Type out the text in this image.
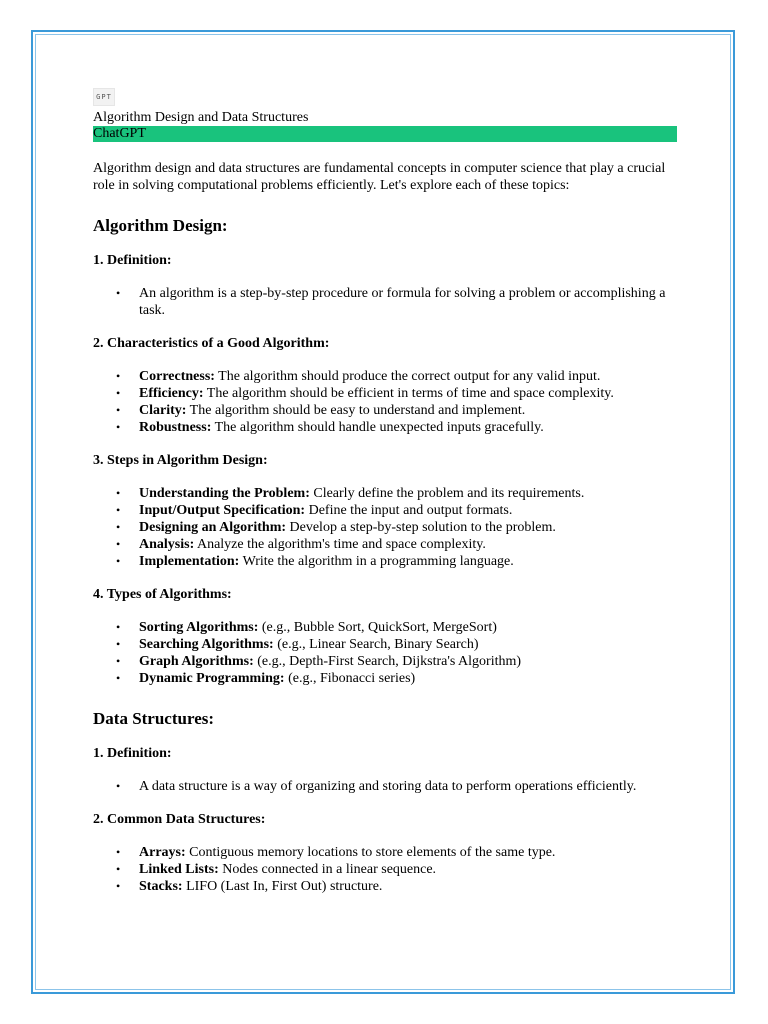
GPT
Algorithm Design and Data Structures
ChatGPT
Algorithm design and data structures are fundamental concepts in computer science that play a crucial role in solving computational problems efficiently. Let's explore each of these topics:
Algorithm Design:
1. Definition:
• An algorithm is a step-by-step procedure or formula for solving a problem or accomplishing a task.
2. Characteristics of a Good Algorithm:
• Correctness: The algorithm should produce the correct output for any valid input.
• Efficiency: The algorithm should be efficient in terms of time and space complexity.
• Clarity: The algorithm should be easy to understand and implement.
• Robustness: The algorithm should handle unexpected inputs gracefully.
3. Steps in Algorithm Design:
• Understanding the Problem: Clearly define the problem and its requirements.
• Input/Output Specification: Define the input and output formats.
• Designing an Algorithm: Develop a step-by-step solution to the problem.
• Analysis: Analyze the algorithm's time and space complexity.
• Implementation: Write the algorithm in a programming language.
4. Types of Algorithms:
• Sorting Algorithms: (e.g., Bubble Sort, QuickSort, MergeSort)
• Searching Algorithms: (e.g., Linear Search, Binary Search)
• Graph Algorithms: (e.g., Depth-First Search, Dijkstra's Algorithm)
• Dynamic Programming: (e.g., Fibonacci series)
Data Structures:
1. Definition:
• A data structure is a way of organizing and storing data to perform operations efficiently.
2. Common Data Structures:
• Arrays: Contiguous memory locations to store elements of the same type.
• Linked Lists: Nodes connected in a linear sequence.
• Stacks: LIFO (Last In, First Out) structure.
